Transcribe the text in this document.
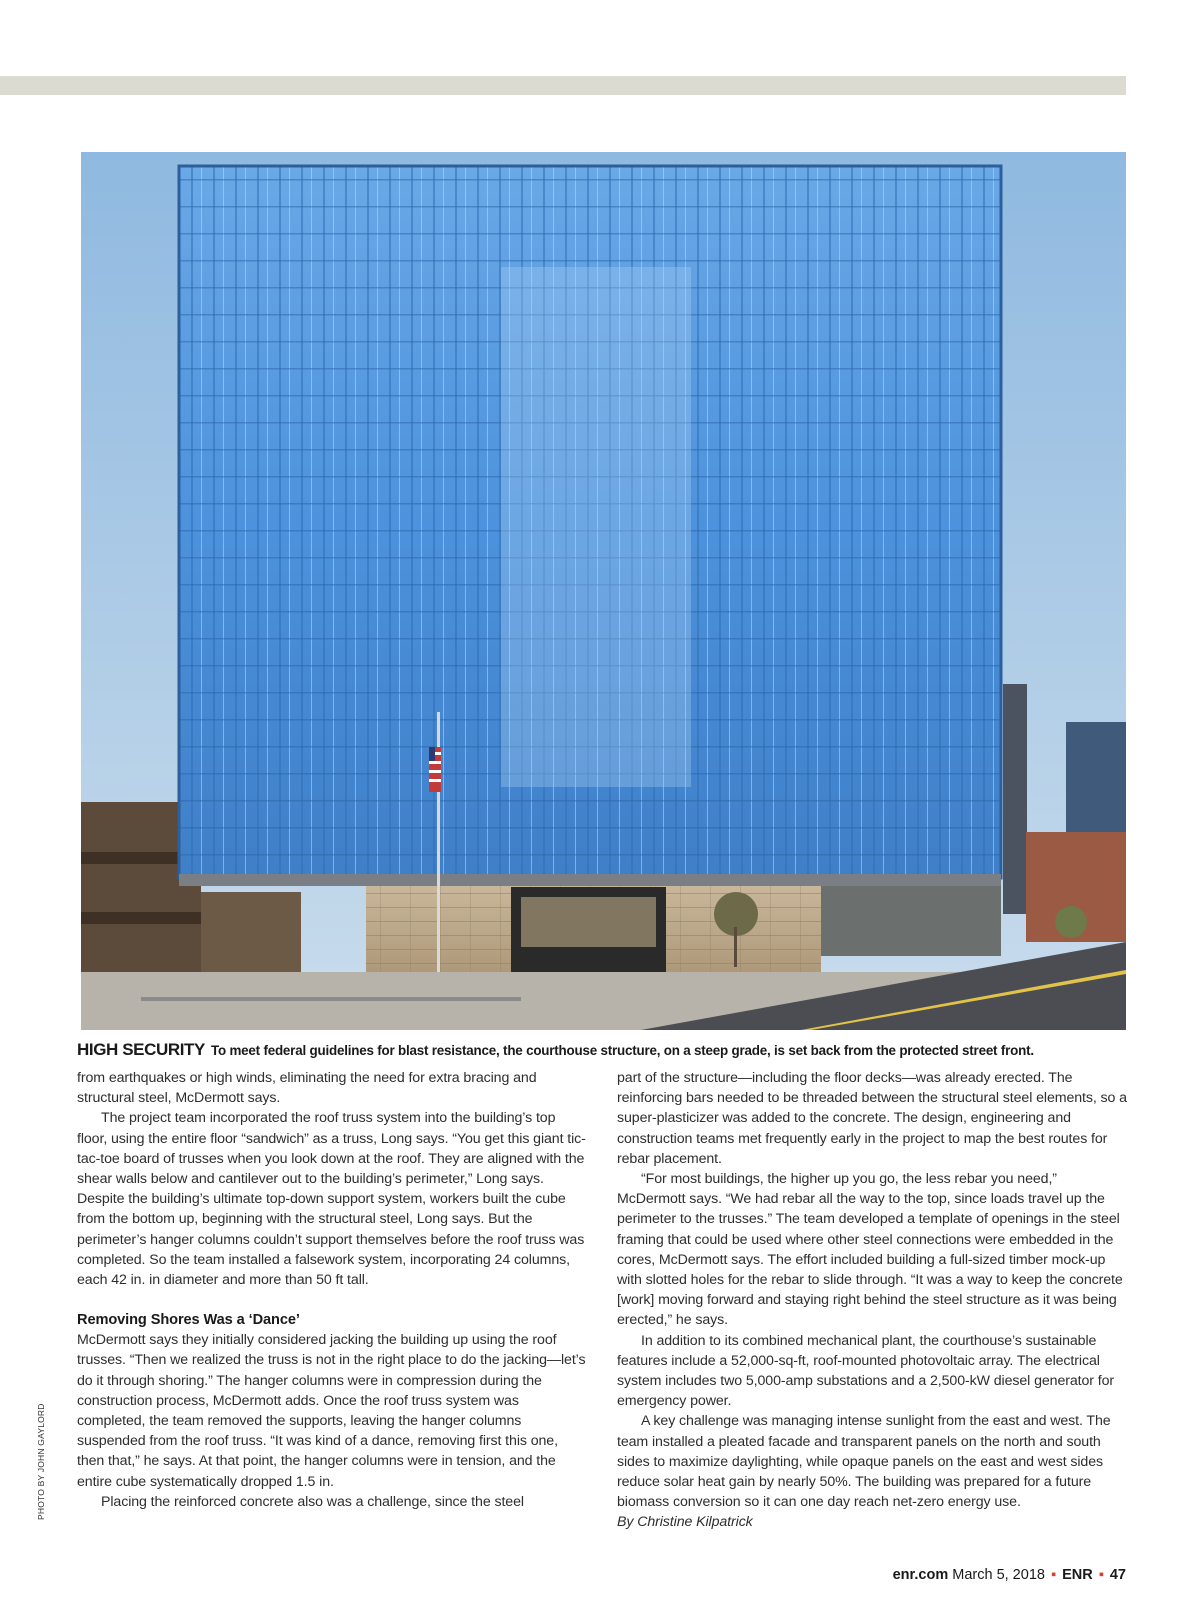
HIGH SECURITY To meet federal guidelines for blast resistance, the courthouse structure, on a steep grade, is set back from the protected street front.

from earthquakes or high winds, eliminating the need for extra bracing and structural steel, McDermott says.

The project team incorporated the roof truss system into the building’s top floor, using the entire floor “sandwich” as a truss, Long says. “You get this giant tic-tac-toe board of trusses when you look down at the roof. They are aligned with the shear walls below and cantilever out to the building’s perimeter,” Long says. Despite the building’s ultimate top-down support system, workers built the cube from the bottom up, beginning with the structural steel, Long says. But the perimeter’s hanger columns couldn’t support themselves before the roof truss was completed. So the team installed a falsework system, incorporating 24 columns, each 42 in. in diameter and more than 50 ft tall.

Removing Shores Was a ‘Dance’

McDermott says they initially considered jacking the building up using the roof trusses. “Then we realized the truss is not in the right place to do the jacking—let’s do it through shoring.” The hanger columns were in compression during the construction process, McDermott adds. Once the roof truss system was completed, the team removed the supports, leaving the hanger columns suspended from the roof truss. “It was kind of a dance, removing first this one, then that,” he says. At that point, the hanger columns were in tension, and the entire cube systematically dropped 1.5 in.

Placing the reinforced concrete also was a challenge, since the steel

part of the structure—including the floor decks—was already erected. The reinforcing bars needed to be threaded between the structural steel elements, so a super-plasticizer was added to the concrete. The design, engineering and construction teams met frequently early in the project to map the best routes for rebar placement.

“For most buildings, the higher up you go, the less rebar you need,” McDermott says. “We had rebar all the way to the top, since loads travel up the perimeter to the trusses.” The team developed a template of openings in the steel framing that could be used where other steel connections were embedded in the cores, McDermott says. The effort included building a full-sized timber mock-up with slotted holes for the rebar to slide through. “It was a way to keep the concrete [work] moving forward and staying right behind the steel structure as it was being erected,” he says.

In addition to its combined mechanical plant, the courthouse’s sustainable features include a 52,000-sq-ft, roof-mounted photovoltaic array. The electrical system includes two 5,000-amp substations and a 2,500-kW diesel generator for emergency power.

A key challenge was managing intense sunlight from the east and west. The team installed a pleated facade and transparent panels on the north and south sides to maximize daylighting, while opaque panels on the east and west sides reduce solar heat gain by nearly 50%. The building was prepared for a future biomass conversion so it can one day reach net-zero energy use.

By Christine Kilpatrick

PHOTO BY JOHN GAYLORD
enr.com March 5, 2018 ▪ ENR ▪ 47
